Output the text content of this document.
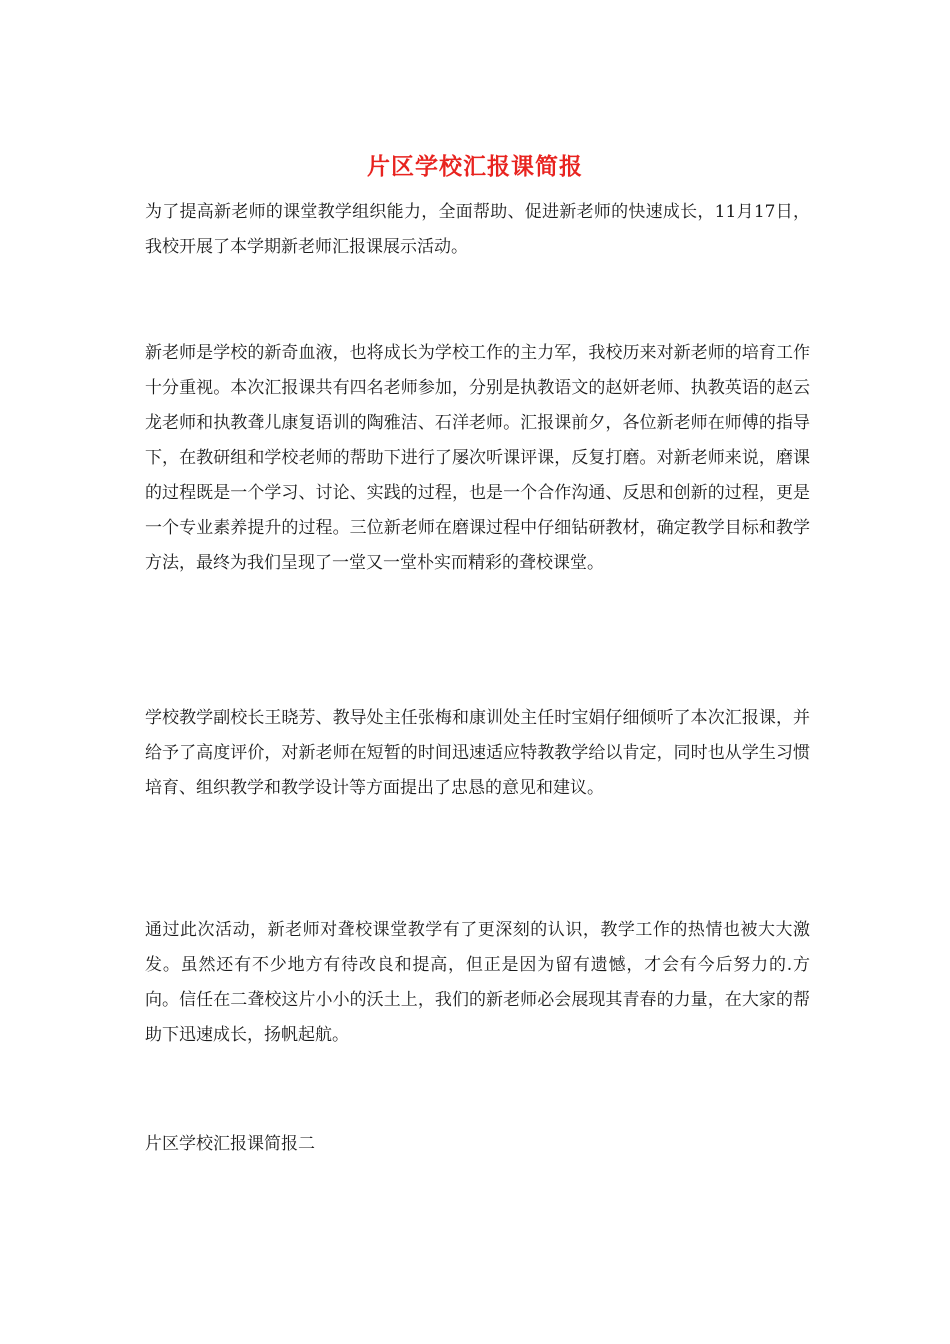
片区学校汇报课简报
为了提高新老师的课堂教学组织能力，全面帮助、促进新老师的快速成长，11月17日，我校开展了本学期新老师汇报课展示活动。
新老师是学校的新奇血液，也将成长为学校工作的主力军，我校历来对新老师的培育工作十分重视。本次汇报课共有四名老师参加，分别是执教语文的赵妍老师、执教英语的赵云龙老师和执教聋儿康复语训的陶雅洁、石洋老师。汇报课前夕，各位新老师在师傅的指导下，在教研组和学校老师的帮助下进行了屡次听课评课，反复打磨。对新老师来说，磨课的过程既是一个学习、讨论、实践的过程，也是一个合作沟通、反思和创新的过程，更是一个专业素养提升的过程。三位新老师在磨课过程中仔细钻研教材，确定教学目标和教学方法，最终为我们呈现了一堂又一堂朴实而精彩的聋校课堂。
学校教学副校长王晓芳、教导处主任张梅和康训处主任时宝娟仔细倾听了本次汇报课，并给予了高度评价，对新老师在短暂的时间迅速适应特教教学给以肯定，同时也从学生习惯培育、组织教学和教学设计等方面提出了忠恳的意见和建议。
通过此次活动，新老师对聋校课堂教学有了更深刻的认识，教学工作的热情也被大大激发。虽然还有不少地方有待改良和提高，但正是因为留有遗憾，才会有今后努力的.方向。信任在二聋校这片小小的沃土上，我们的新老师必会展现其青春的力量，在大家的帮助下迅速成长，扬帆起航。
片区学校汇报课简报二
